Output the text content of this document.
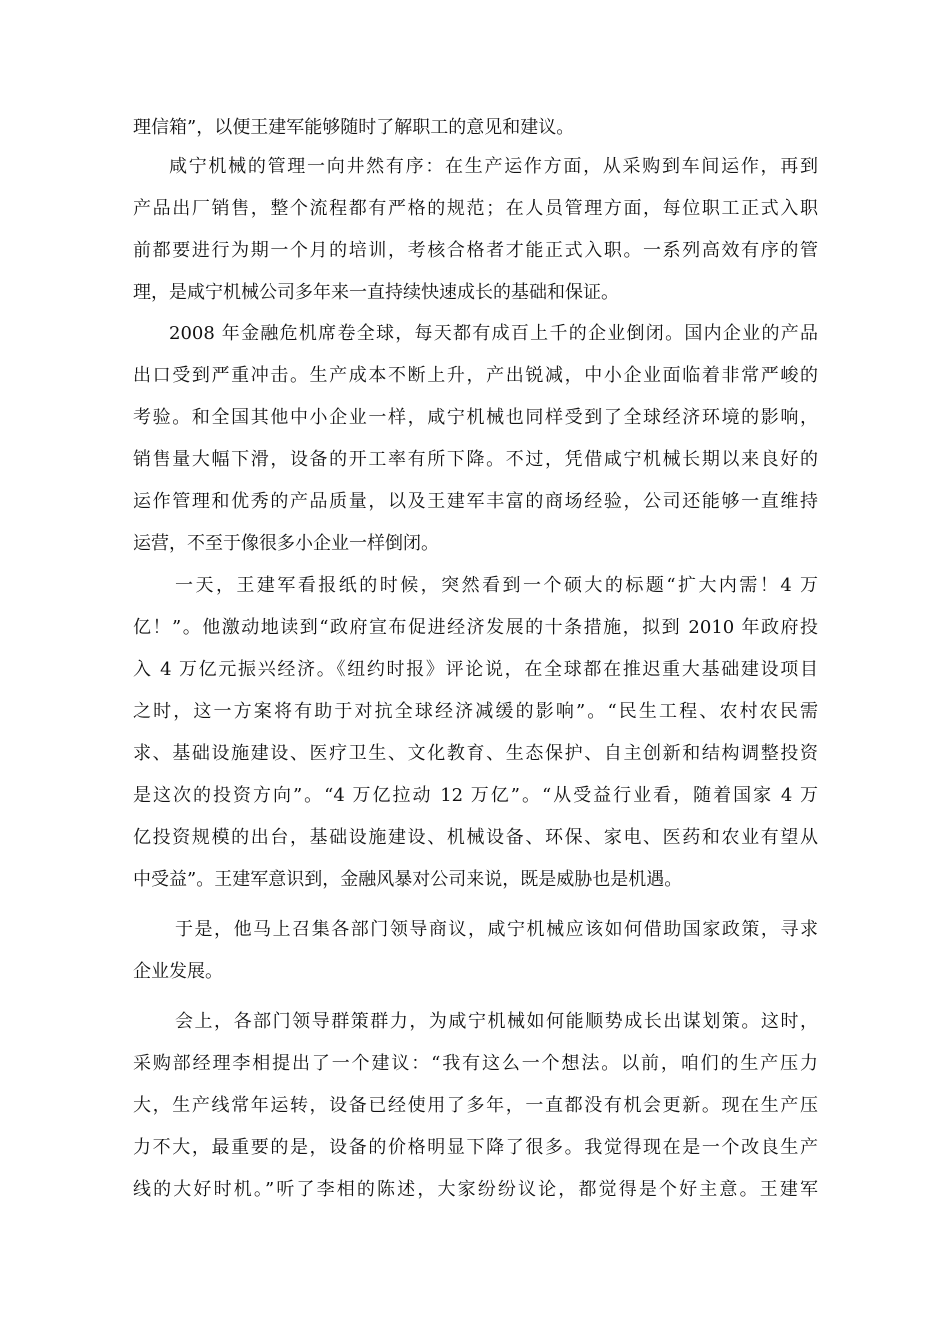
理信箱”，以便王建军能够随时了解职工的意见和建议。
咸宁机械的管理一向井然有序：在生产运作方面，从采购到车间运作，再到
产品出厂销售，整个流程都有严格的规范；在人员管理方面，每位职工正式入职
前都要进行为期一个月的培训，考核合格者才能正式入职。一系列高效有序的管
理，是咸宁机械公司多年来一直持续快速成长的基础和保证。
2008 年金融危机席卷全球，每天都有成百上千的企业倒闭。国内企业的产品
出口受到严重冲击。生产成本不断上升，产出锐减，中小企业面临着非常严峻的
考验。和全国其他中小企业一样，咸宁机械也同样受到了全球经济环境的影响，
销售量大幅下滑，设备的开工率有所下降。不过，凭借咸宁机械长期以来良好的
运作管理和优秀的产品质量，以及王建军丰富的商场经验，公司还能够一直维持
运营，不至于像很多小企业一样倒闭。
一天，王建军看报纸的时候，突然看到一个硕大的标题“扩大内需！4 万
亿！”。他激动地读到“政府宣布促进经济发展的十条措施，拟到 2010 年政府投
入 4 万亿元振兴经济。《纽约时报》评论说，在全球都在推迟重大基础建设项目
之时，这一方案将有助于对抗全球经济减缓的影响”。“民生工程、农村农民需
求、基础设施建设、医疗卫生、文化教育、生态保护、自主创新和结构调整投资
是这次的投资方向”。“4 万亿拉动 12 万亿”。“从受益行业看，随着国家 4 万
亿投资规模的出台，基础设施建设、机械设备、环保、家电、医药和农业有望从
中受益”。王建军意识到，金融风暴对公司来说，既是威胁也是机遇。
于是，他马上召集各部门领导商议，咸宁机械应该如何借助国家政策，寻求
企业发展。
会上，各部门领导群策群力，为咸宁机械如何能顺势成长出谋划策。这时，
采购部经理李相提出了一个建议：“我有这么一个想法。以前，咱们的生产压力
大，生产线常年运转，设备已经使用了多年，一直都没有机会更新。现在生产压
力不大，最重要的是，设备的价格明显下降了很多。我觉得现在是一个改良生产
线的大好时机。”听了李相的陈述，大家纷纷议论，都觉得是个好主意。王建军
